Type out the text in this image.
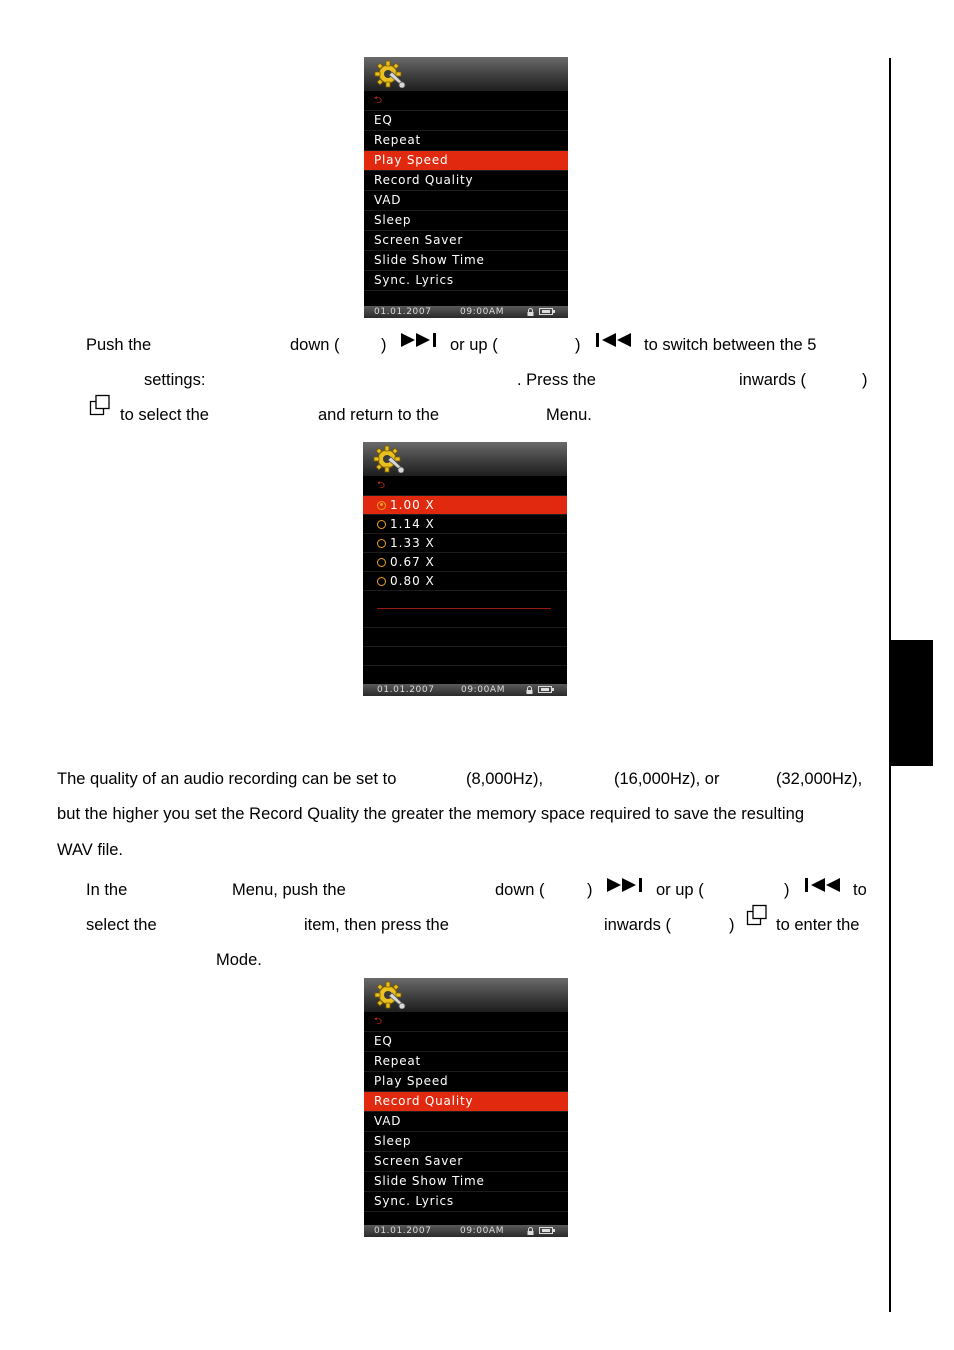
⮌
EQ
Repeat
Play Speed
Record Quality
VAD
Sleep
Screen Saver
Slide Show Time
Sync. Lyrics
01.01.2007	09:00AM
Push the	down (	)	or up (	)	to switch between the 5
settings:	. Press the	inwards (	)
to select the	and return to the	Menu.
⮌
1.00 X
1.14 X
1.33 X
0.67 X
0.80 X
01.01.2007	09:00AM
The quality of an audio recording can be set to	(8,000Hz),	(16,000Hz), or	(32,000Hz),
but the higher you set the Record Quality the greater the memory space required to save the resulting
WAV file.
In the	Menu, push the	down (	)	or up (	)	to
select the	item, then press the	inwards (	)	to enter the
Mode.
⮌
EQ
Repeat
Play Speed
Record Quality
VAD
Sleep
Screen Saver
Slide Show Time
Sync. Lyrics
01.01.2007	09:00AM
